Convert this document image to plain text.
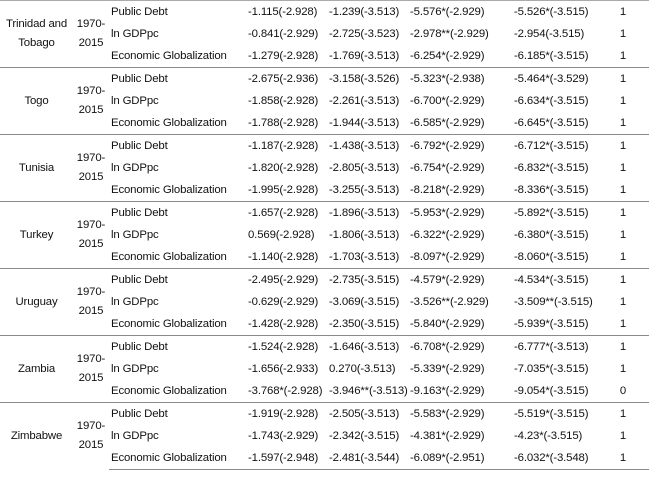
Trinidad and Tobago	1970-2015	Public Debt	-1.115(-2.928)	-1.239(-3.513)	-5.576*(-2.929)	-5.526*(-3.515)	1
		ln GDPpc	-0.841(-2.929)	-2.725(-3.523)	-2.978**(-2.929)	-2.954(-3.515)	1
		Economic Globalization	-1.279(-2.928)	-1.769(-3.513)	-6.254*(-2.929)	-6.185*(-3.515)	1
Togo	1970-2015	Public Debt	-2.675(-2.936)	-3.158(-3.526)	-5.323*(-2.938)	-5.464*(-3.529)	1
		ln GDPpc	-1.858(-2.928)	-2.261(-3.513)	-6.700*(-2.929)	-6.634*(-3.515)	1
		Economic Globalization	-1.788(-2.928)	-1.944(-3.513)	-6.585*(-2.929)	-6.645*(-3.515)	1
Tunisia	1970-2015	Public Debt	-1.187(-2.928)	-1.438(-3.513)	-6.792*(-2.929)	-6.712*(-3.515)	1
		ln GDPpc	-1.820(-2.928)	-2.805(-3.513)	-6.754*(-2.929)	-6.832*(-3.515)	1
		Economic Globalization	-1.995(-2.928)	-3.255(-3.513)	-8.218*(-2.929)	-8.336*(-3.515)	1
Turkey	1970-2015	Public Debt	-1.657(-2.928)	-1.896(-3.513)	-5.953*(-2.929)	-5.892*(-3.515)	1
		ln GDPpc	0.569(-2.928)	-1.806(-3.513)	-6.322*(-2.929)	-6.380*(-3.515)	1
		Economic Globalization	-1.140(-2.928)	-1.703(-3.513)	-8.097*(-2.929)	-8.060*(-3.515)	1
Uruguay	1970-2015	Public Debt	-2.495(-2.929)	-2.735(-3.515)	-4.579*(-2.929)	-4.534*(-3.515)	1
		ln GDPpc	-0.629(-2.929)	-3.069(-3.515)	-3.526**(-2.929)	-3.509**(-3.515)	1
		Economic Globalization	-1.428(-2.928)	-2.350(-3.515)	-5.840*(-2.929)	-5.939*(-3.515)	1
Zambia	1970-2015	Public Debt	-1.524(-2.928)	-1.646(-3.513)	-6.708*(-2.929)	-6.777*(-3.513)	1
		ln GDPpc	-1.656(-2.933)	0.270(-3.513)	-5.339*(-2.929)	-7.035*(-3.515)	1
		Economic Globalization	-3.768*(-2.928)	-3.946**(-3.513)	-9.163*(-2.929)	-9.054*(-3.515)	0
Zimbabwe	1970-2015	Public Debt	-1.919(-2.928)	-2.505(-3.513)	-5.583*(-2.929)	-5.519*(-3.515)	1
		ln GDPpc	-1.743(-2.929)	-2.342(-3.515)	-4.381*(-2.929)	-4.23*(-3.515)	1
		Economic Globalization	-1.597(-2.948)	-2.481(-3.544)	-6.089*(-2.951)	-6.032*(-3.548)	1
